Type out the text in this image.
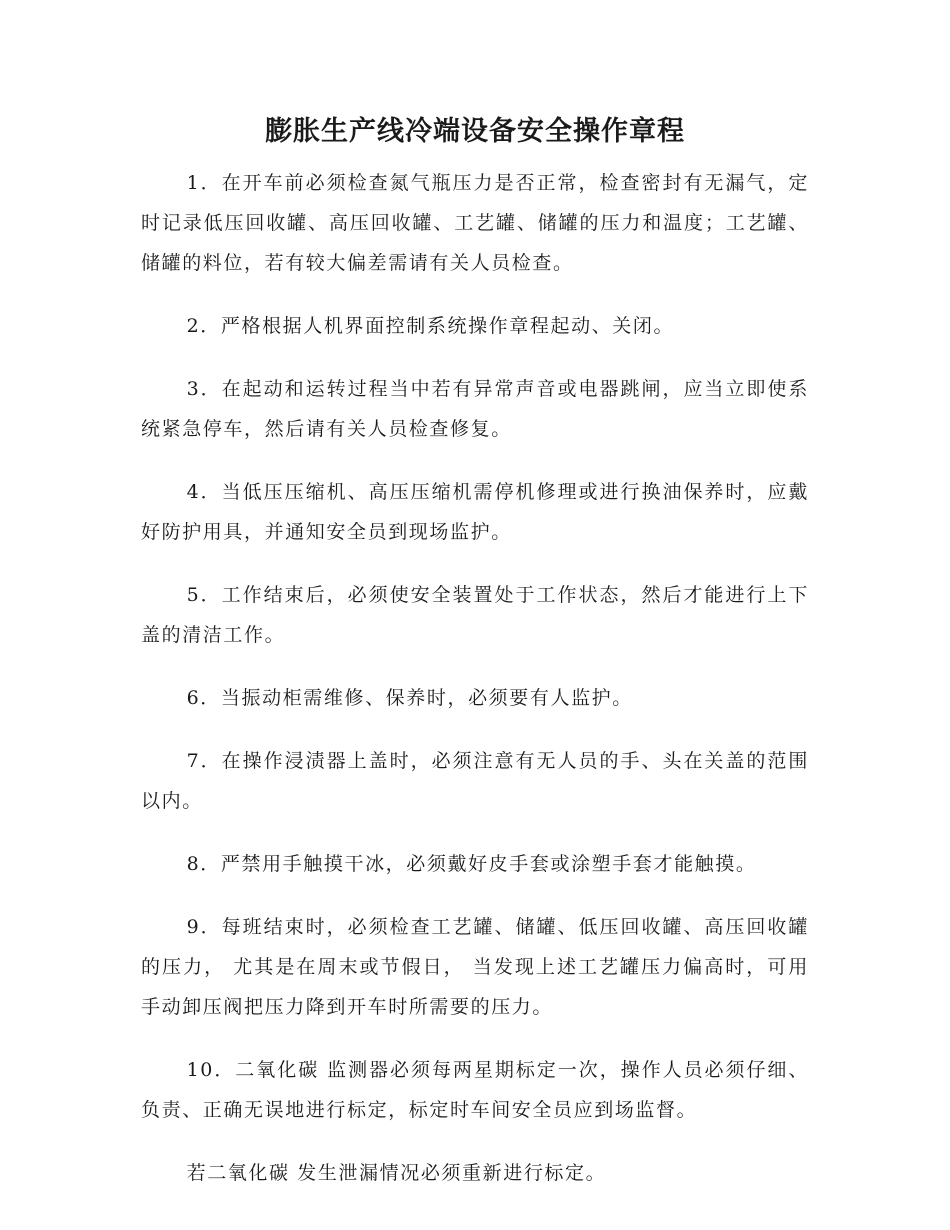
膨胀生产线冷端设备安全操作章程

1．在开车前必须检查氮气瓶压力是否正常，检查密封有无漏气，定时记录低压回收罐、高压回收罐、工艺罐、储罐的压力和温度；工艺罐、储罐的料位，若有较大偏差需请有关人员检查。

2．严格根据人机界面控制系统操作章程起动、关闭。

3．在起动和运转过程当中若有异常声音或电器跳闸，应当立即使系统紧急停车，然后请有关人员检查修复。

4．当低压压缩机、高压压缩机需停机修理或进行换油保养时，应戴好防护用具，并通知安全员到现场监护。

5．工作结束后，必须使安全装置处于工作状态，然后才能进行上下盖的清洁工作。

6．当振动柜需维修、保养时，必须要有人监护。

7．在操作浸渍器上盖时，必须注意有无人员的手、头在关盖的范围以内。

8．严禁用手触摸干冰，必须戴好皮手套或涂塑手套才能触摸。

9．每班结束时，必须检查工艺罐、储罐、低压回收罐、高压回收罐的压力， 尤其是在周末或节假日， 当发现上述工艺罐压力偏高时，可用手动卸压阀把压力降到开车时所需要的压力。

10．二氧化碳 监测器必须每两星期标定一次，操作人员必须仔细、负责、正确无误地进行标定，标定时车间安全员应到场监督。

若二氧化碳 发生泄漏情况必须重新进行标定。
